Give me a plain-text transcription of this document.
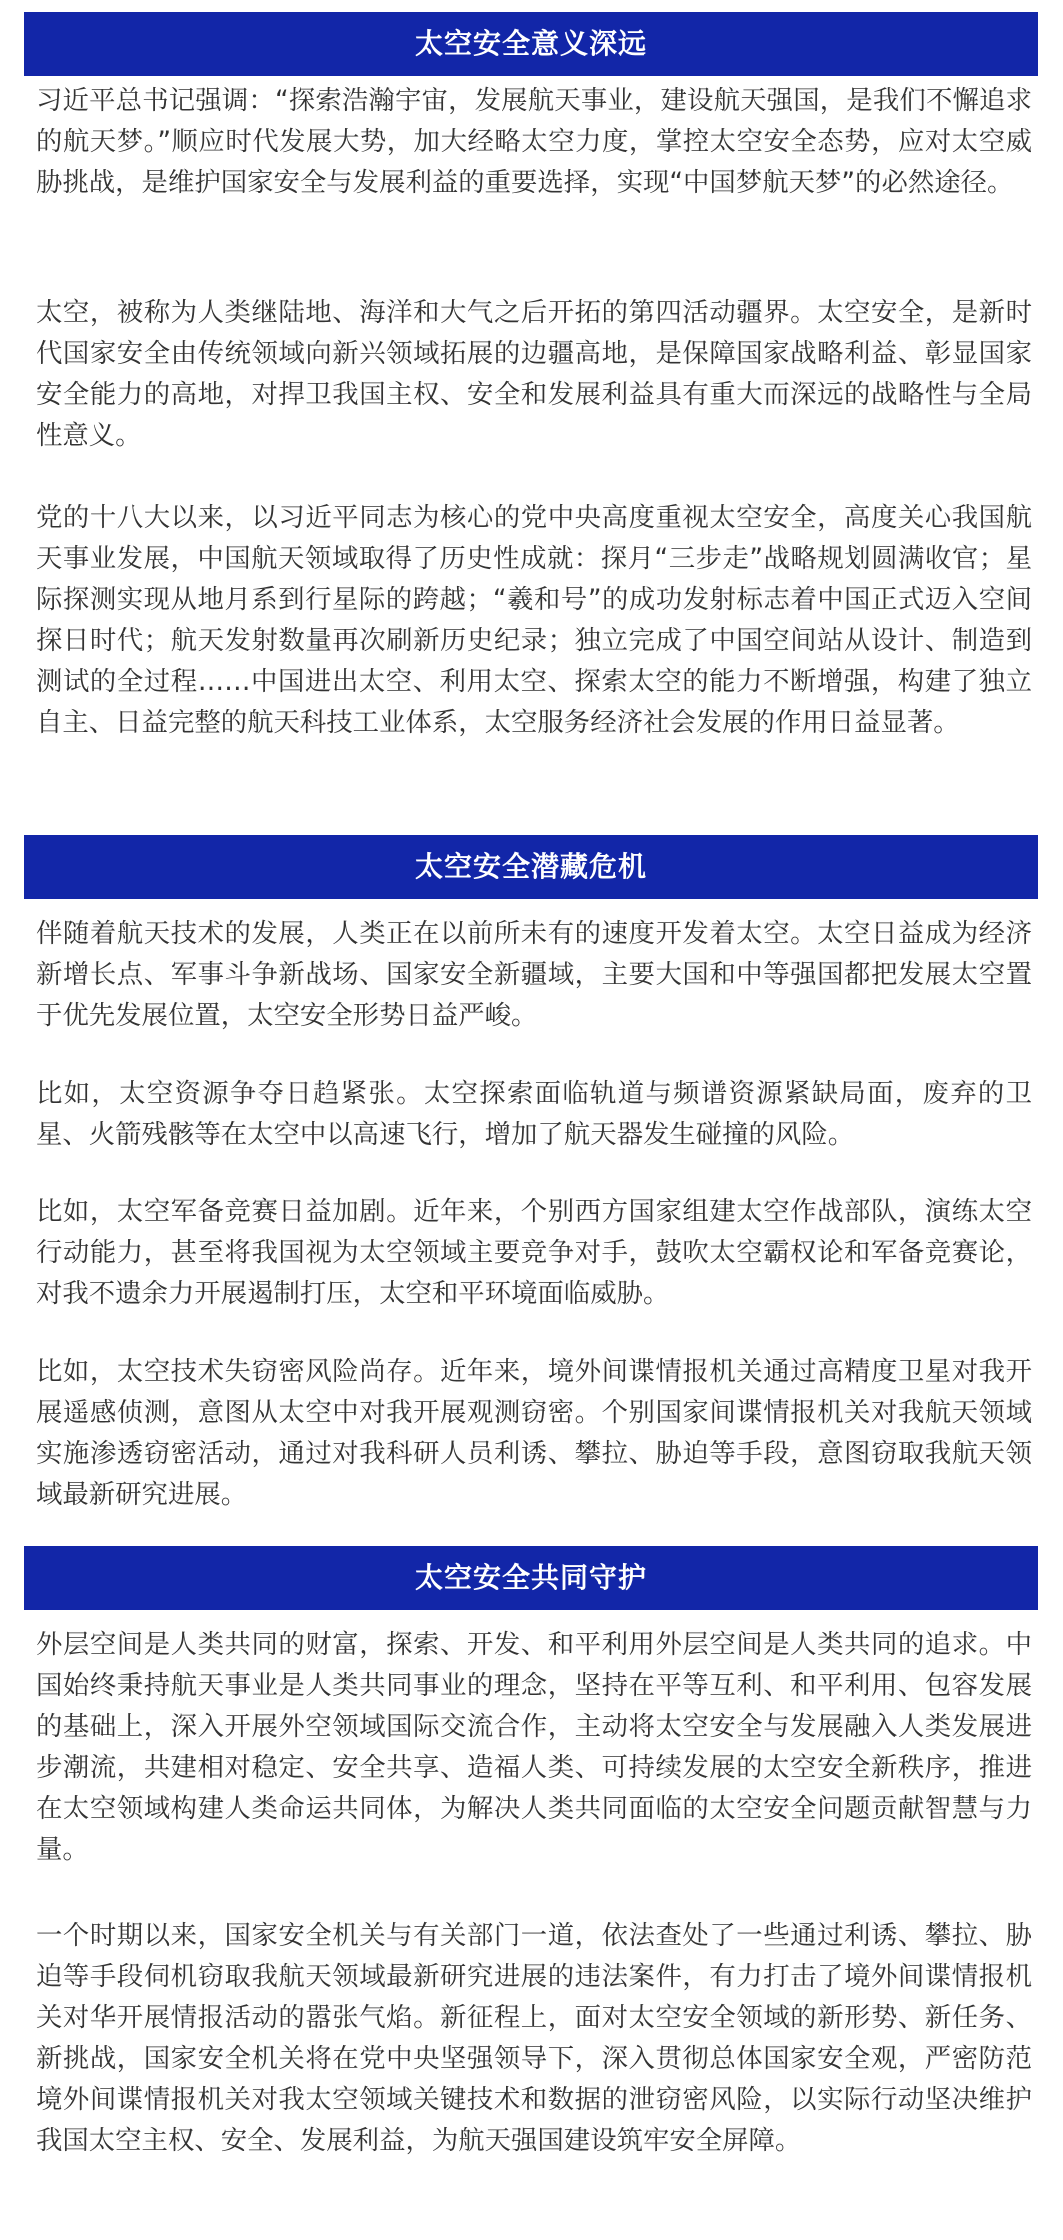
太空安全意义深远

习近平总书记强调：“探索浩瀚宇宙，发展航天事业，建设航天强国，是我们不懈追求的航天梦。”顺应时代发展大势，加大经略太空力度，掌控太空安全态势，应对太空威胁挑战，是维护国家安全与发展利益的重要选择，实现“中国梦航天梦”的必然途径。

太空，被称为人类继陆地、海洋和大气之后开拓的第四活动疆界。太空安全，是新时代国家安全由传统领域向新兴领域拓展的边疆高地，是保障国家战略利益、彰显国家安全能力的高地，对捍卫我国主权、安全和发展利益具有重大而深远的战略性与全局性意义。

党的十八大以来，以习近平同志为核心的党中央高度重视太空安全，高度关心我国航天事业发展，中国航天领域取得了历史性成就：探月“三步走”战略规划圆满收官；星际探测实现从地月系到行星际的跨越；“羲和号”的成功发射标志着中国正式迈入空间探日时代；航天发射数量再次刷新历史纪录；独立完成了中国空间站从设计、制造到测试的全过程……中国进出太空、利用太空、探索太空的能力不断增强，构建了独立自主、日益完整的航天科技工业体系，太空服务经济社会发展的作用日益显著。

太空安全潜藏危机

伴随着航天技术的发展，人类正在以前所未有的速度开发着太空。太空日益成为经济新增长点、军事斗争新战场、国家安全新疆域，主要大国和中等强国都把发展太空置于优先发展位置，太空安全形势日益严峻。

比如，太空资源争夺日趋紧张。太空探索面临轨道与频谱资源紧缺局面，废弃的卫星、火箭残骸等在太空中以高速飞行，增加了航天器发生碰撞的风险。

比如，太空军备竞赛日益加剧。近年来，个别西方国家组建太空作战部队，演练太空行动能力，甚至将我国视为太空领域主要竞争对手，鼓吹太空霸权论和军备竞赛论，对我不遗余力开展遏制打压，太空和平环境面临威胁。

比如，太空技术失窃密风险尚存。近年来，境外间谍情报机关通过高精度卫星对我开展遥感侦测，意图从太空中对我开展观测窃密。个别国家间谍情报机关对我航天领域实施渗透窃密活动，通过对我科研人员利诱、攀拉、胁迫等手段，意图窃取我航天领域最新研究进展。

太空安全共同守护

外层空间是人类共同的财富，探索、开发、和平利用外层空间是人类共同的追求。中国始终秉持航天事业是人类共同事业的理念，坚持在平等互利、和平利用、包容发展的基础上，深入开展外空领域国际交流合作，主动将太空安全与发展融入人类发展进步潮流，共建相对稳定、安全共享、造福人类、可持续发展的太空安全新秩序，推进在太空领域构建人类命运共同体，为解决人类共同面临的太空安全问题贡献智慧与力量。

一个时期以来，国家安全机关与有关部门一道，依法查处了一些通过利诱、攀拉、胁迫等手段伺机窃取我航天领域最新研究进展的违法案件，有力打击了境外间谍情报机关对华开展情报活动的嚣张气焰。新征程上，面对太空安全领域的新形势、新任务、新挑战，国家安全机关将在党中央坚强领导下，深入贯彻总体国家安全观，严密防范境外间谍情报机关对我太空领域关键技术和数据的泄窃密风险，以实际行动坚决维护我国太空主权、安全、发展利益，为航天强国建设筑牢安全屏障。
